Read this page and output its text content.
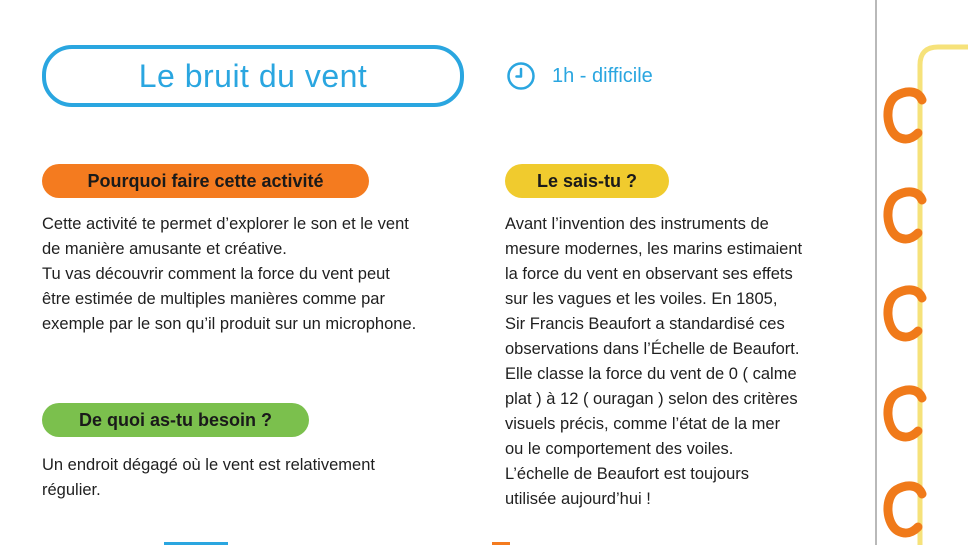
Le bruit du vent	1h - difficile
Pourquoi faire cette activité

Cette activité te permet d’explorer le son et le vent

de manière amusante et créative.

Tu vas découvrir comment la force du vent peut

être estimée de multiples manières comme par

exemple par le son qu’il produit sur un microphone.

Le sais-tu ?

Avant l’invention des instruments de

mesure modernes, les marins estimaient

la force du vent en observant ses effets

sur les vagues et les voiles. En 1805,

Sir Francis Beaufort a standardisé ces

observations dans l’Échelle de Beaufort.

Elle classe la force du vent de 0 ( calme

plat ) à 12 ( ouragan ) selon des critères

visuels précis, comme l’état de la mer

ou le comportement des voiles.

L’échelle de Beaufort est toujours

utilisée aujourd’hui !

De quoi as-tu besoin ?

Un endroit dégagé où le vent est relativement

régulier.
